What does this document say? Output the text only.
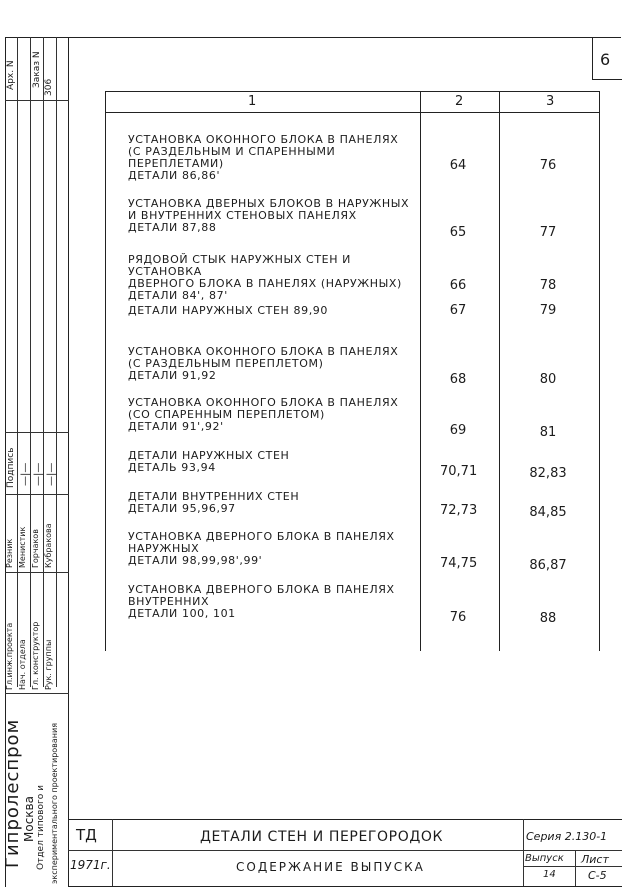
6
Арх. N Заказ N 306
Подпись —|— —|— —|—
Гл.инж.проекта Нач. отдела Гл. конструктор Рук. группы
Резник Менистик Горчаков Кубракова
Гипролеспром Москва Отдел типового и экспериментального проектирования
1	2	3
УСТАНОВКА ОКОННОГО БЛОКА В ПАНЕЛЯХ
(С РАЗДЕЛЬНЫМ И СПАРЕННЫМИ ПЕРЕПЛЕТАМИ)
ДЕТАЛИ 86,86'
64	76
УСТАНОВКА ДВЕРНЫХ БЛОКОВ В НАРУЖНЫХ
И ВНУТРЕННИХ СТЕНОВЫХ ПАНЕЛЯХ
ДЕТАЛИ 87,88	65	77
РЯДОВОЙ СТЫК НАРУЖНЫХ СТЕН И УСТАНОВКА
ДВЕРНОГО БЛОКА В ПАНЕЛЯХ (НАРУЖНЫХ)
ДЕТАЛИ 84', 87'
66	78
ДЕТАЛИ НАРУЖНЫХ СТЕН 89,90	67	79
УСТАНОВКА ОКОННОГО БЛОКА В ПАНЕЛЯХ
(С РАЗДЕЛЬНЫМ ПЕРЕПЛЕТОМ)
ДЕТАЛИ 91,92	68	80
УСТАНОВКА ОКОННОГО БЛОКА В ПАНЕЛЯХ
(СО СПАРЕННЫМ ПЕРЕПЛЕТОМ)
ДЕТАЛИ 91',92'	69	81
ДЕТАЛИ НАРУЖНЫХ СТЕН
ДЕТАЛЬ 93,94	70,71	82,83
ДЕТАЛИ ВНУТРЕННИХ СТЕН
ДЕТАЛИ 95,96,97	72,73	84,85
УСТАНОВКА ДВЕРНОГО БЛОКА В ПАНЕЛЯХ
НАРУЖНЫХ
ДЕТАЛИ 98,99,98',99'	74,75	86,87
УСТАНОВКА ДВЕРНОГО БЛОКА В ПАНЕЛЯХ
ВНУТРЕННИХ
ДЕТАЛИ 100, 101	76	88
ТД
1971г.
ДЕТАЛИ СТЕН И ПЕРЕГОРОДОК
СОДЕРЖАНИЕ ВЫПУСКА
Серия 2.130-1
Выпуск
14
Лист
С-5
